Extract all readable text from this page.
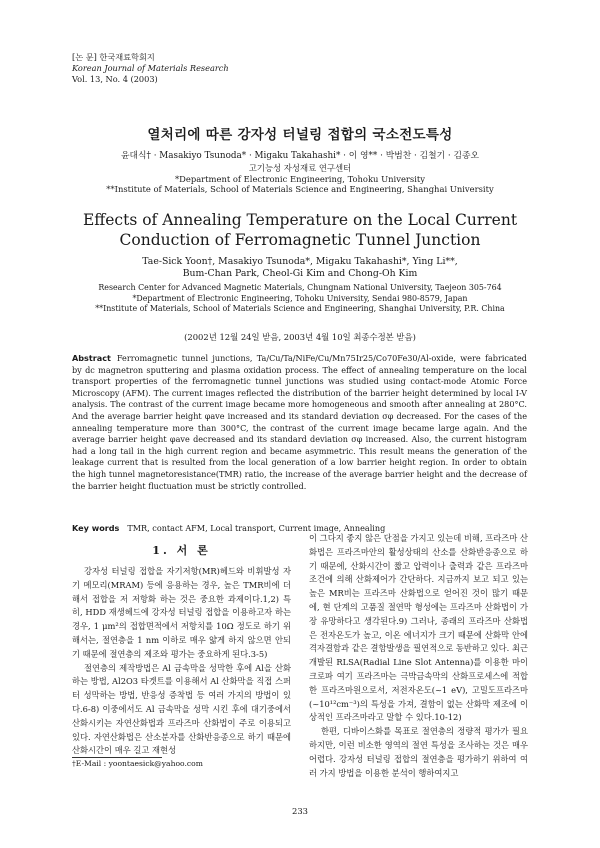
[논 문] 한국재료학회지
Korean Journal of Materials Research
Vol. 13, No. 4 (2003)
열처리에 따른 강자성 터널링 접합의 국소전도특성
윤대식† · Masakiyo Tsunoda* · Migaku Takahashi* · 이 영** · 박범찬 · 김철기 · 김종오
고기능성 자성재료 연구센터
*Department of Electronic Engineering, Tohoku University
**Institute of Materials, School of Materials Science and Engineering, Shanghai University
Effects of Annealing Temperature on the Local Current
Conduction of Ferromagnetic Tunnel Junction
Tae-Sick Yoon†, Masakiyo Tsunoda*, Migaku Takahashi*, Ying Li**,
Bum-Chan Park, Cheol-Gi Kim and Chong-Oh Kim
Research Center for Advanced Magnetic Materials, Chungnam National University, Taejeon 305-764
*Department of Electronic Engineering, Tohoku University, Sendai 980-8579, Japan
**Institute of Materials, School of Materials Science and Engineering, Shanghai University, P.R. China
(2002년 12월 24일 받음, 2003년 4월 10일 최종수정본 받음)
Abstract Ferromagnetic tunnel junctions, Ta/Cu/Ta/NiFe/Cu/Mn75Ir25/Co70Fe30/Al-oxide, were fabricated by dc magnetron sputtering and plasma oxidation process. The effect of annealing temperature on the local transport properties of the ferromagnetic tunnel junctions was studied using contact-mode Atomic Force Microscopy (AFM). The current images reflected the distribution of the barrier height determined by local I-V analysis. The contrast of the current image became more homogeneous and smooth after annealing at 280°C. And the average barrier height φave increased and its standard deviation σφ decreased. For the cases of the annealing temperature more than 300°C, the contrast of the current image became large again. And the average barrier height φave decreased and its standard deviation σφ increased. Also, the current histogram had a long tail in the high current region and became asymmetric. This result means the generation of the leakage current that is resulted from the local generation of a low barrier height region. In order to obtain the high tunnel magnetoresistance(TMR) ratio, the increase of the average barrier height and the decrease of the barrier height fluctuation must be strictly controlled.
Key words TMR, contact AFM, Local transport, Current image, Annealing
1. 서 론

강자성 터널링 접합을 자기저항(MR)헤드와 비휘발성 자기 메모리(MRAM) 등에 응용하는 경우, 높은 TMR비에 더해서 접합을 저 저항화 하는 것은 중요한 과제이다.1,2) 특히, HDD 재생헤드에 강자성 터널링 접합을 이용하고자 하는 경우, 1 μm²의 접합면적에서 저항치를 10Ω 정도로 하기 위해서는, 절연층을 1 nm 이하로 매우 얇게 하지 않으면 안되기 때문에 절연층의 제조와 평가는 중요하게 된다.3-5)

절연층의 제작방법은 Al 금속막을 성막한 후에 Al을 산화하는 방법, Al2O3 타겟트를 이용해서 Al 산화막을 직접 스퍼터 성막하는 방법, 반응성 증착법 등 여러 가지의 방법이 있다.6-8) 이중에서도 Al 금속막을 성막 시킨 후에 대기중에서 산화시키는 자연산화법과 프라즈마 산화법이 주로 이용되고 있다. 자연산화법은 산소분자를 산화반응종으로 하기 때문에 산화시간이 매우 길고 재현성

이 그다지 좋지 않은 단점을 가지고 있는데 비해, 프라즈마 산화법은 프라즈마안의 활성상태의 산소를 산화반응종으로 하기 때문에, 산화시간이 짧고 압력이나 출력과 같은 프라즈마 조건에 의해 산화제어가 간단하다. 지금까지 보고 되고 있는 높은 MR비는 프라즈마 산화법으로 얻어진 것이 많기 때문에, 현 단계의 고품질 절연막 형성에는 프라즈마 산화법이 가장 유망하다고 생각된다.9) 그러나, 종래의 프라즈마 산화법은 전자온도가 높고, 이온 에너지가 크기 때문에 산화막 안에 격자결함과 같은 결함발생을 필연적으로 동반하고 있다. 최근 개발된 RLSA(Radial Line Slot Antenna)를 이용한 마이크로파 여기 프라즈마는 극박금속막의 산화프로세스에 적합한 프라즈마원으로서, 저전자온도(~1 eV), 고밀도프라즈마(~10¹²cm⁻³)의 특성을 가져, 결함이 없는 산화막 제조에 이상적인 프라즈마라고 말할 수 있다.10-12)

한편, 디바이스화를 목표로 절연층의 정량적 평가가 필요하지만, 이런 비소한 영역의 절연 특성을 조사하는 것은 매우 어렵다. 강자성 터널링 접합의 절연층을 평가하기 위하여 여러 가지 방법을 이용한 분석이 행하여지고

†E-Mail : yoontaesick@yahoo.com
233
